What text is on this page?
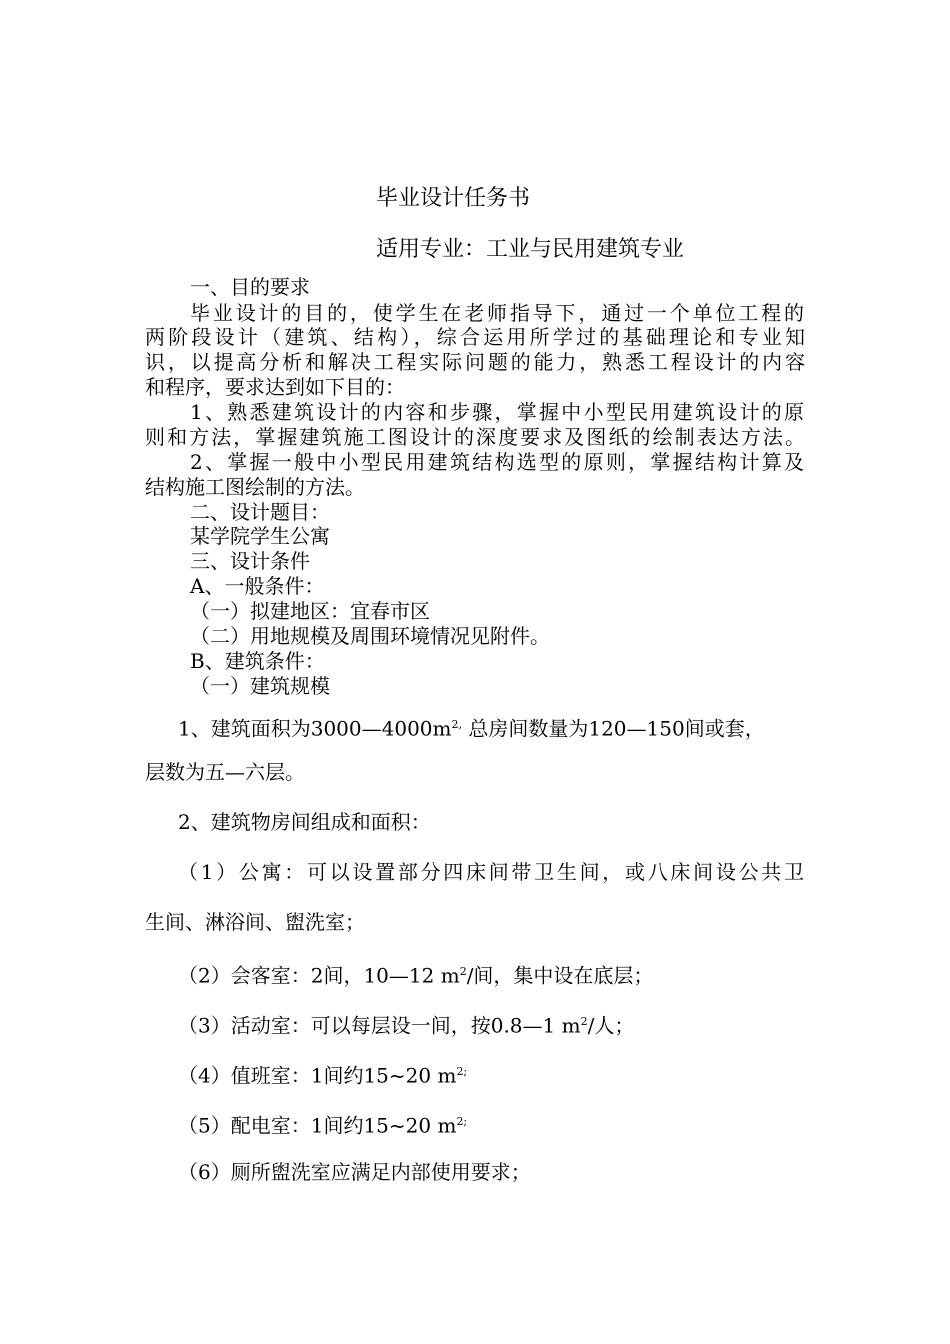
毕业设计任务书
适用专业：工业与民用建筑专业
一、目的要求
毕业设计的目的，使学生在老师指导下，通过一个单位工程的
两阶段设计（建筑、结构），综合运用所学过的基础理论和专业知
识，以提高分析和解决工程实际问题的能力，熟悉工程设计的内容
和程序，要求达到如下目的：
1、熟悉建筑设计的内容和步骤，掌握中小型民用建筑设计的原
则和方法，掌握建筑施工图设计的深度要求及图纸的绘制表达方法。
2、掌握一般中小型民用建筑结构选型的原则，掌握结构计算及
结构施工图绘制的方法。
二、设计题目：
某学院学生公寓
三、设计条件
A、一般条件：
（一）拟建地区：宜春市区
（二）用地规模及周围环境情况见附件。
B、建筑条件：
（一）建筑规模
1、建筑面积为$3000—4000m^{2,}$ 总房间数量为120—150间或套，
层数为五—六层。
2、建筑物房间组成和面积：
（1）公寓：可以设置部分四床间带卫生间，或八床间设公共卫
生间、淋浴间、盥洗室；
（2）会客室：2间，10—12 $m^2/$间，集中设在底层；
（3）活动室：可以每层设一间，按0.8—1 $m^2/$人；
（4）值班室：1间约15~20 $m^{2;}$
（5）配电室：1间约15~20 $m^{2;}$
（6）厕所盥洗室应满足内部使用要求；
